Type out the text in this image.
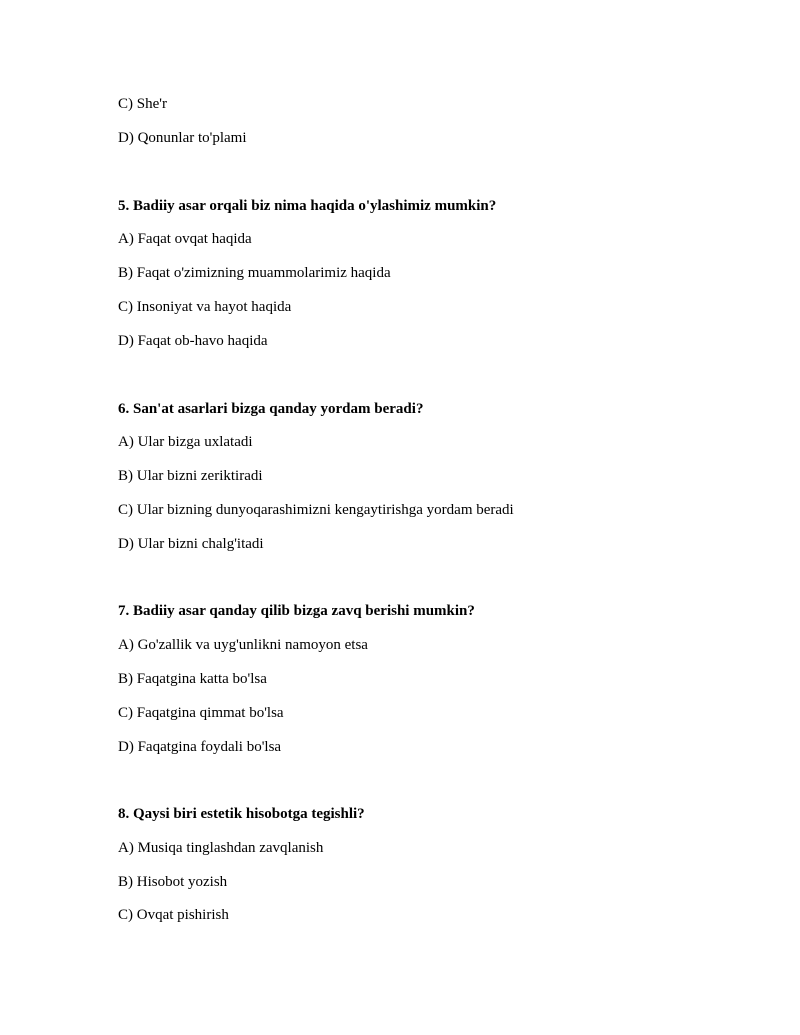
C) She'r
D) Qonunlar to'plami
5. Badiiy asar orqali biz nima haqida o'ylashimiz mumkin?
A) Faqat ovqat haqida
B) Faqat o'zimizning muammolarimiz haqida
C) Insoniyat va hayot haqida
D) Faqat ob-havo haqida
6. San'at asarlari bizga qanday yordam beradi?
A) Ular bizga uxlatadi
B) Ular bizni zeriktiradi
C) Ular bizning dunyoqarashimizni kengaytirishga yordam beradi
D) Ular bizni chalg'itadi
7. Badiiy asar qanday qilib bizga zavq berishi mumkin?
A) Go'zallik va uyg'unlikni namoyon etsa
B) Faqatgina katta bo'lsa
C) Faqatgina qimmat bo'lsa
D) Faqatgina foydali bo'lsa
8. Qaysi biri estetik hisobotga tegishli?
A) Musiqa tinglashdan zavqlanish
B) Hisobot yozish
C) Ovqat pishirish
